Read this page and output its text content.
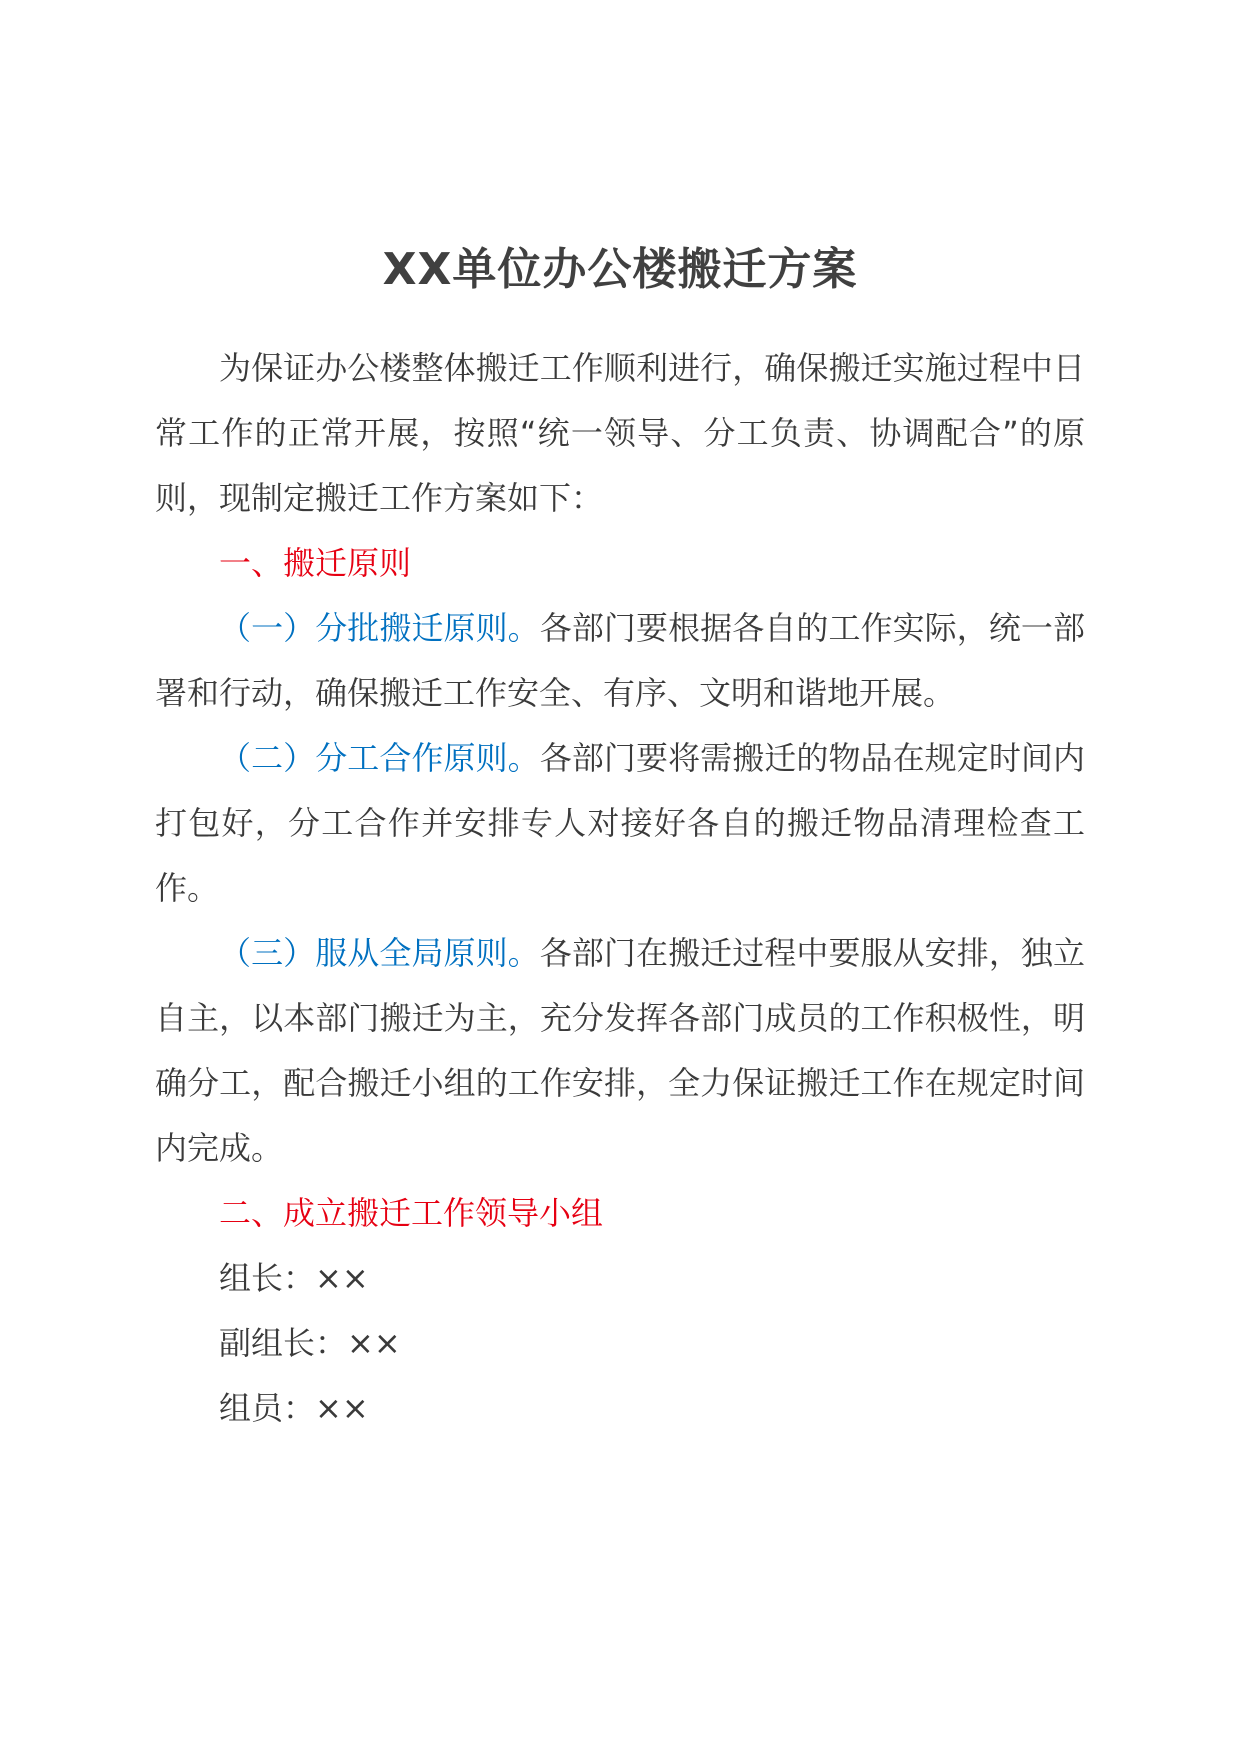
XX单位办公楼搬迁方案

为保证办公楼整体搬迁工作顺利进行，确保搬迁实施过程中日常工作的正常开展，按照“统一领导、分工负责、协调配合”的原则，现制定搬迁工作方案如下：

一、搬迁原则

（一）分批搬迁原则。各部门要根据各自的工作实际，统一部署和行动，确保搬迁工作安全、有序、文明和谐地开展。

（二）分工合作原则。各部门要将需搬迁的物品在规定时间内打包好，分工合作并安排专人对接好各自的搬迁物品清理检查工作。

（三）服从全局原则。各部门在搬迁过程中要服从安排，独立自主，以本部门搬迁为主，充分发挥各部门成员的工作积极性，明确分工，配合搬迁小组的工作安排，全力保证搬迁工作在规定时间内完成。

二、成立搬迁工作领导小组

组长：××

副组长：××

组员：××
